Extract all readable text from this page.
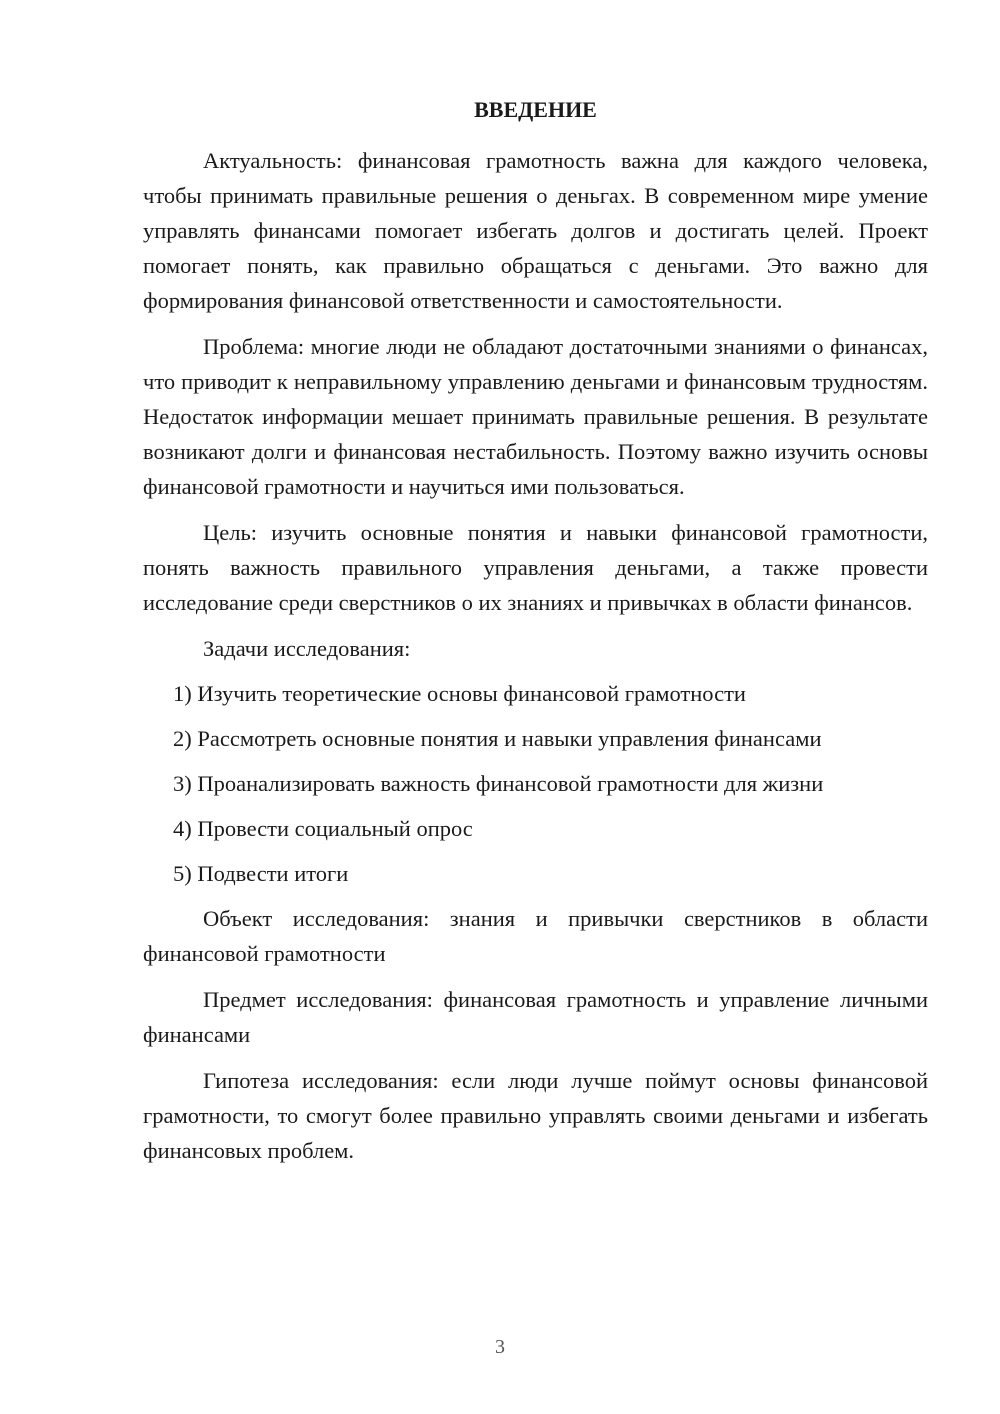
ВВЕДЕНИЕ

Актуальность: финансовая грамотность важна для каждого человека, чтобы принимать правильные решения о деньгах. В современном мире умение управлять финансами помогает избегать долгов и достигать целей. Проект помогает понять, как правильно обращаться с деньгами. Это важно для формирования финансовой ответственности и самостоятельности.

Проблема: многие люди не обладают достаточными знаниями о финансах, что приводит к неправильному управлению деньгами и финансовым трудностям. Недостаток информации мешает принимать правильные решения. В результате возникают долги и финансовая нестабильность. Поэтому важно изучить основы финансовой грамотности и научиться ими пользоваться.

Цель: изучить основные понятия и навыки финансовой грамотности, понять важность правильного управления деньгами, а также провести исследование среди сверстников о их знаниях и привычках в области финансов.

Задачи исследования:

1) Изучить теоретические основы финансовой грамотности
2) Рассмотреть основные понятия и навыки управления финансами
3) Проанализировать важность финансовой грамотности для жизни
4) Провести социальный опрос
5) Подвести итоги

Объект исследования: знания и привычки сверстников в области финансовой грамотности

Предмет исследования: финансовая грамотность и управление личными финансами

Гипотеза исследования: если люди лучше поймут основы финансовой грамотности, то смогут более правильно управлять своими деньгами и избегать финансовых проблем.

3
